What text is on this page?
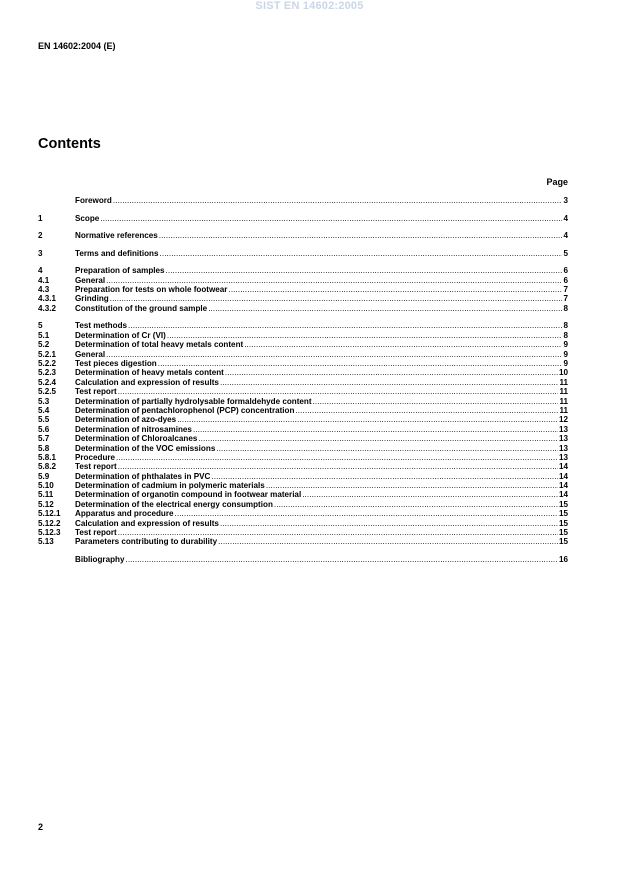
SIST EN 14602:2005
EN 14602:2004 (E)
Contents
Page
Foreword .....	3
1	Scope .....	4
2	Normative references .....	4
3	Terms and definitions .....	5
4	Preparation of samples .....	6
4.1	General .....	6
4.3	Preparation for tests on whole footwear .....	7
4.3.1	Grinding .....	7
4.3.2	Constitution of the ground sample .....	8
5	Test methods .....	8
5.1	Determination of Cr (VI) .....	8
5.2	Determination of total heavy metals content .....	9
5.2.1	General .....	9
5.2.2	Test pieces digestion .....	9
5.2.3	Determination of heavy metals content .....	10
5.2.4	Calculation and expression of results .....	11
5.2.5	Test report .....	11
5.3	Determination of partially hydrolysable formaldehyde content .....	11
5.4	Determination of pentachlorophenol (PCP) concentration .....	11
5.5	Determination of azo-dyes .....	12
5.6	Determination of nitrosamines .....	13
5.7	Determination of Chloroalcanes .....	13
5.8	Determination of the VOC emissions .....	13
5.8.1	Procedure .....	13
5.8.2	Test report .....	14
5.9	Determination of phthalates in PVC .....	14
5.10	Determination of cadmium in polymeric materials .....	14
5.11	Determination of organotin compound in footwear material .....	14
5.12	Determination of the electrical energy consumption .....	15
5.12.1	Apparatus and procedure .....	15
5.12.2	Calculation and expression of results .....	15
5.12.3	Test report .....	15
5.13	Parameters contributing to durability .....	15
Bibliography .....	16
2
